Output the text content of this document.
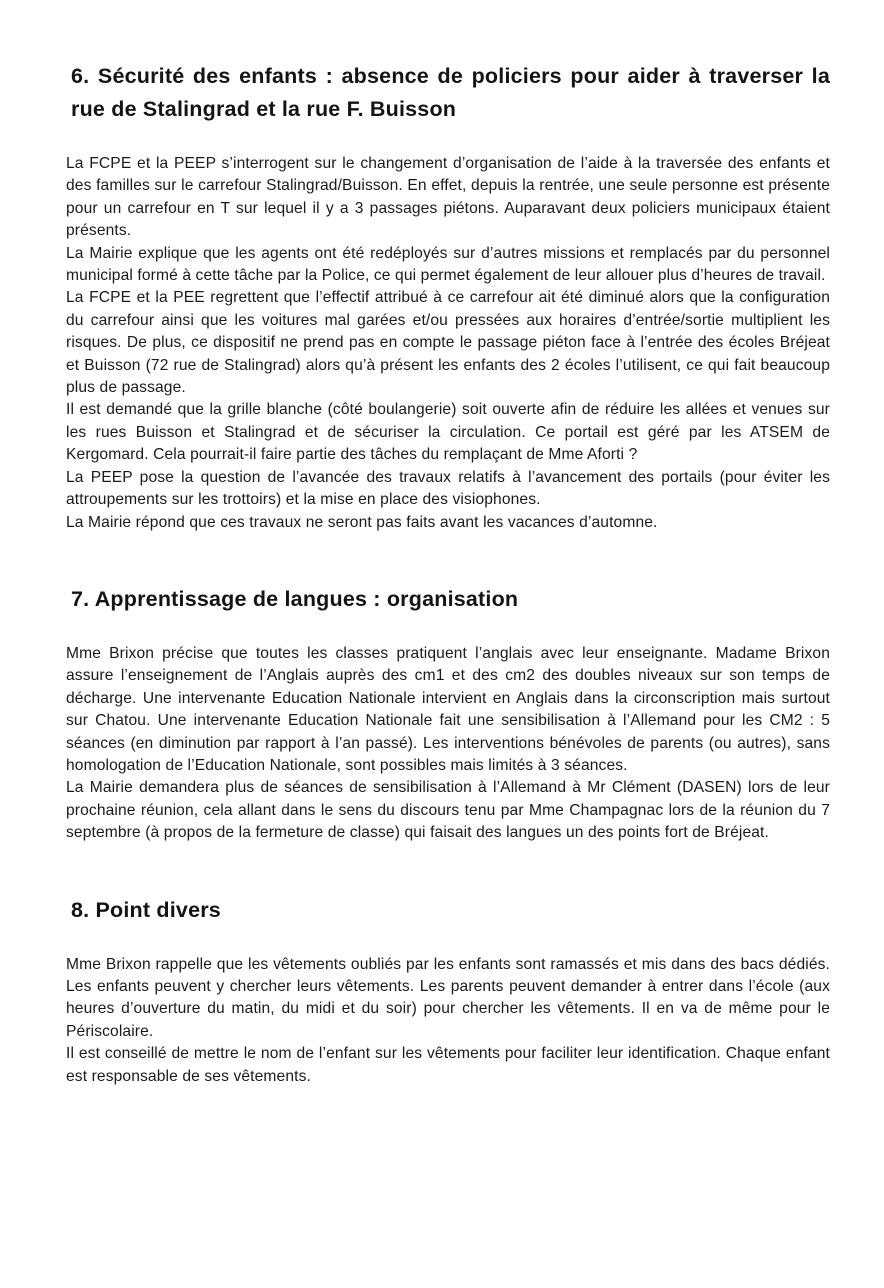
6. Sécurité des enfants : absence de policiers pour aider à traverser la rue de Stalingrad et la rue F. Buisson

La FCPE et la PEEP s’interrogent sur le changement d’organisation de l’aide à la traversée des enfants et des familles sur le carrefour Stalingrad/Buisson. En effet, depuis la rentrée, une seule personne est présente pour un carrefour en T sur lequel il y a 3 passages piétons. Auparavant deux policiers municipaux étaient présents.

La Mairie explique que les agents ont été redéployés sur d’autres missions et remplacés par du personnel municipal formé à cette tâche par la Police, ce qui permet également de leur allouer plus d’heures de travail.

La FCPE et la PEE regrettent que l’effectif attribué à ce carrefour ait été diminué alors que la configuration du carrefour ainsi que les voitures mal garées et/ou pressées aux horaires d’entrée/sortie multiplient les risques. De plus, ce dispositif ne prend pas en compte le passage piéton face à l’entrée des écoles Bréjeat et Buisson (72 rue de Stalingrad) alors qu’à présent les enfants des 2 écoles l’utilisent, ce qui fait beaucoup plus de passage.

Il est demandé que la grille blanche (côté boulangerie) soit ouverte afin de réduire les allées et venues sur les rues Buisson et Stalingrad et de sécuriser la circulation. Ce portail est géré par les ATSEM de Kergomard. Cela pourrait-il faire partie des tâches du remplaçant de Mme Aforti ?

La PEEP pose la question de l’avancée des travaux relatifs à l’avancement des portails (pour éviter les attroupements sur les trottoirs) et la mise en place des visiophones.

La Mairie répond que ces travaux ne seront pas faits avant les vacances d’automne.

7. Apprentissage de langues : organisation

Mme Brixon précise que toutes les classes pratiquent l’anglais avec leur enseignante. Madame Brixon assure l’enseignement de l’Anglais auprès des cm1 et des cm2 des doubles niveaux sur son temps de décharge. Une intervenante Education Nationale intervient en Anglais dans la circonscription mais surtout sur Chatou. Une intervenante Education Nationale fait une sensibilisation à l’Allemand pour les CM2 : 5 séances (en diminution par rapport à l’an passé). Les interventions bénévoles de parents (ou autres), sans homologation de l’Education Nationale, sont possibles mais limités à 3 séances.

La Mairie demandera plus de séances de sensibilisation à l’Allemand à Mr Clément (DASEN) lors de leur prochaine réunion, cela allant dans le sens du discours tenu par Mme Champagnac lors de la réunion du 7 septembre (à propos de la fermeture de classe) qui faisait des langues un des points fort de Bréjeat.

8. Point divers

Mme Brixon rappelle que les vêtements oubliés par les enfants sont ramassés et mis dans des bacs dédiés. Les enfants peuvent y chercher leurs vêtements. Les parents peuvent demander à entrer dans l’école (aux heures d’ouverture du matin, du midi et du soir) pour chercher les vêtements. Il en va de même pour le Périscolaire.

Il est conseillé de mettre le nom de l’enfant sur les vêtements pour faciliter leur identification. Chaque enfant est responsable de ses vêtements.
